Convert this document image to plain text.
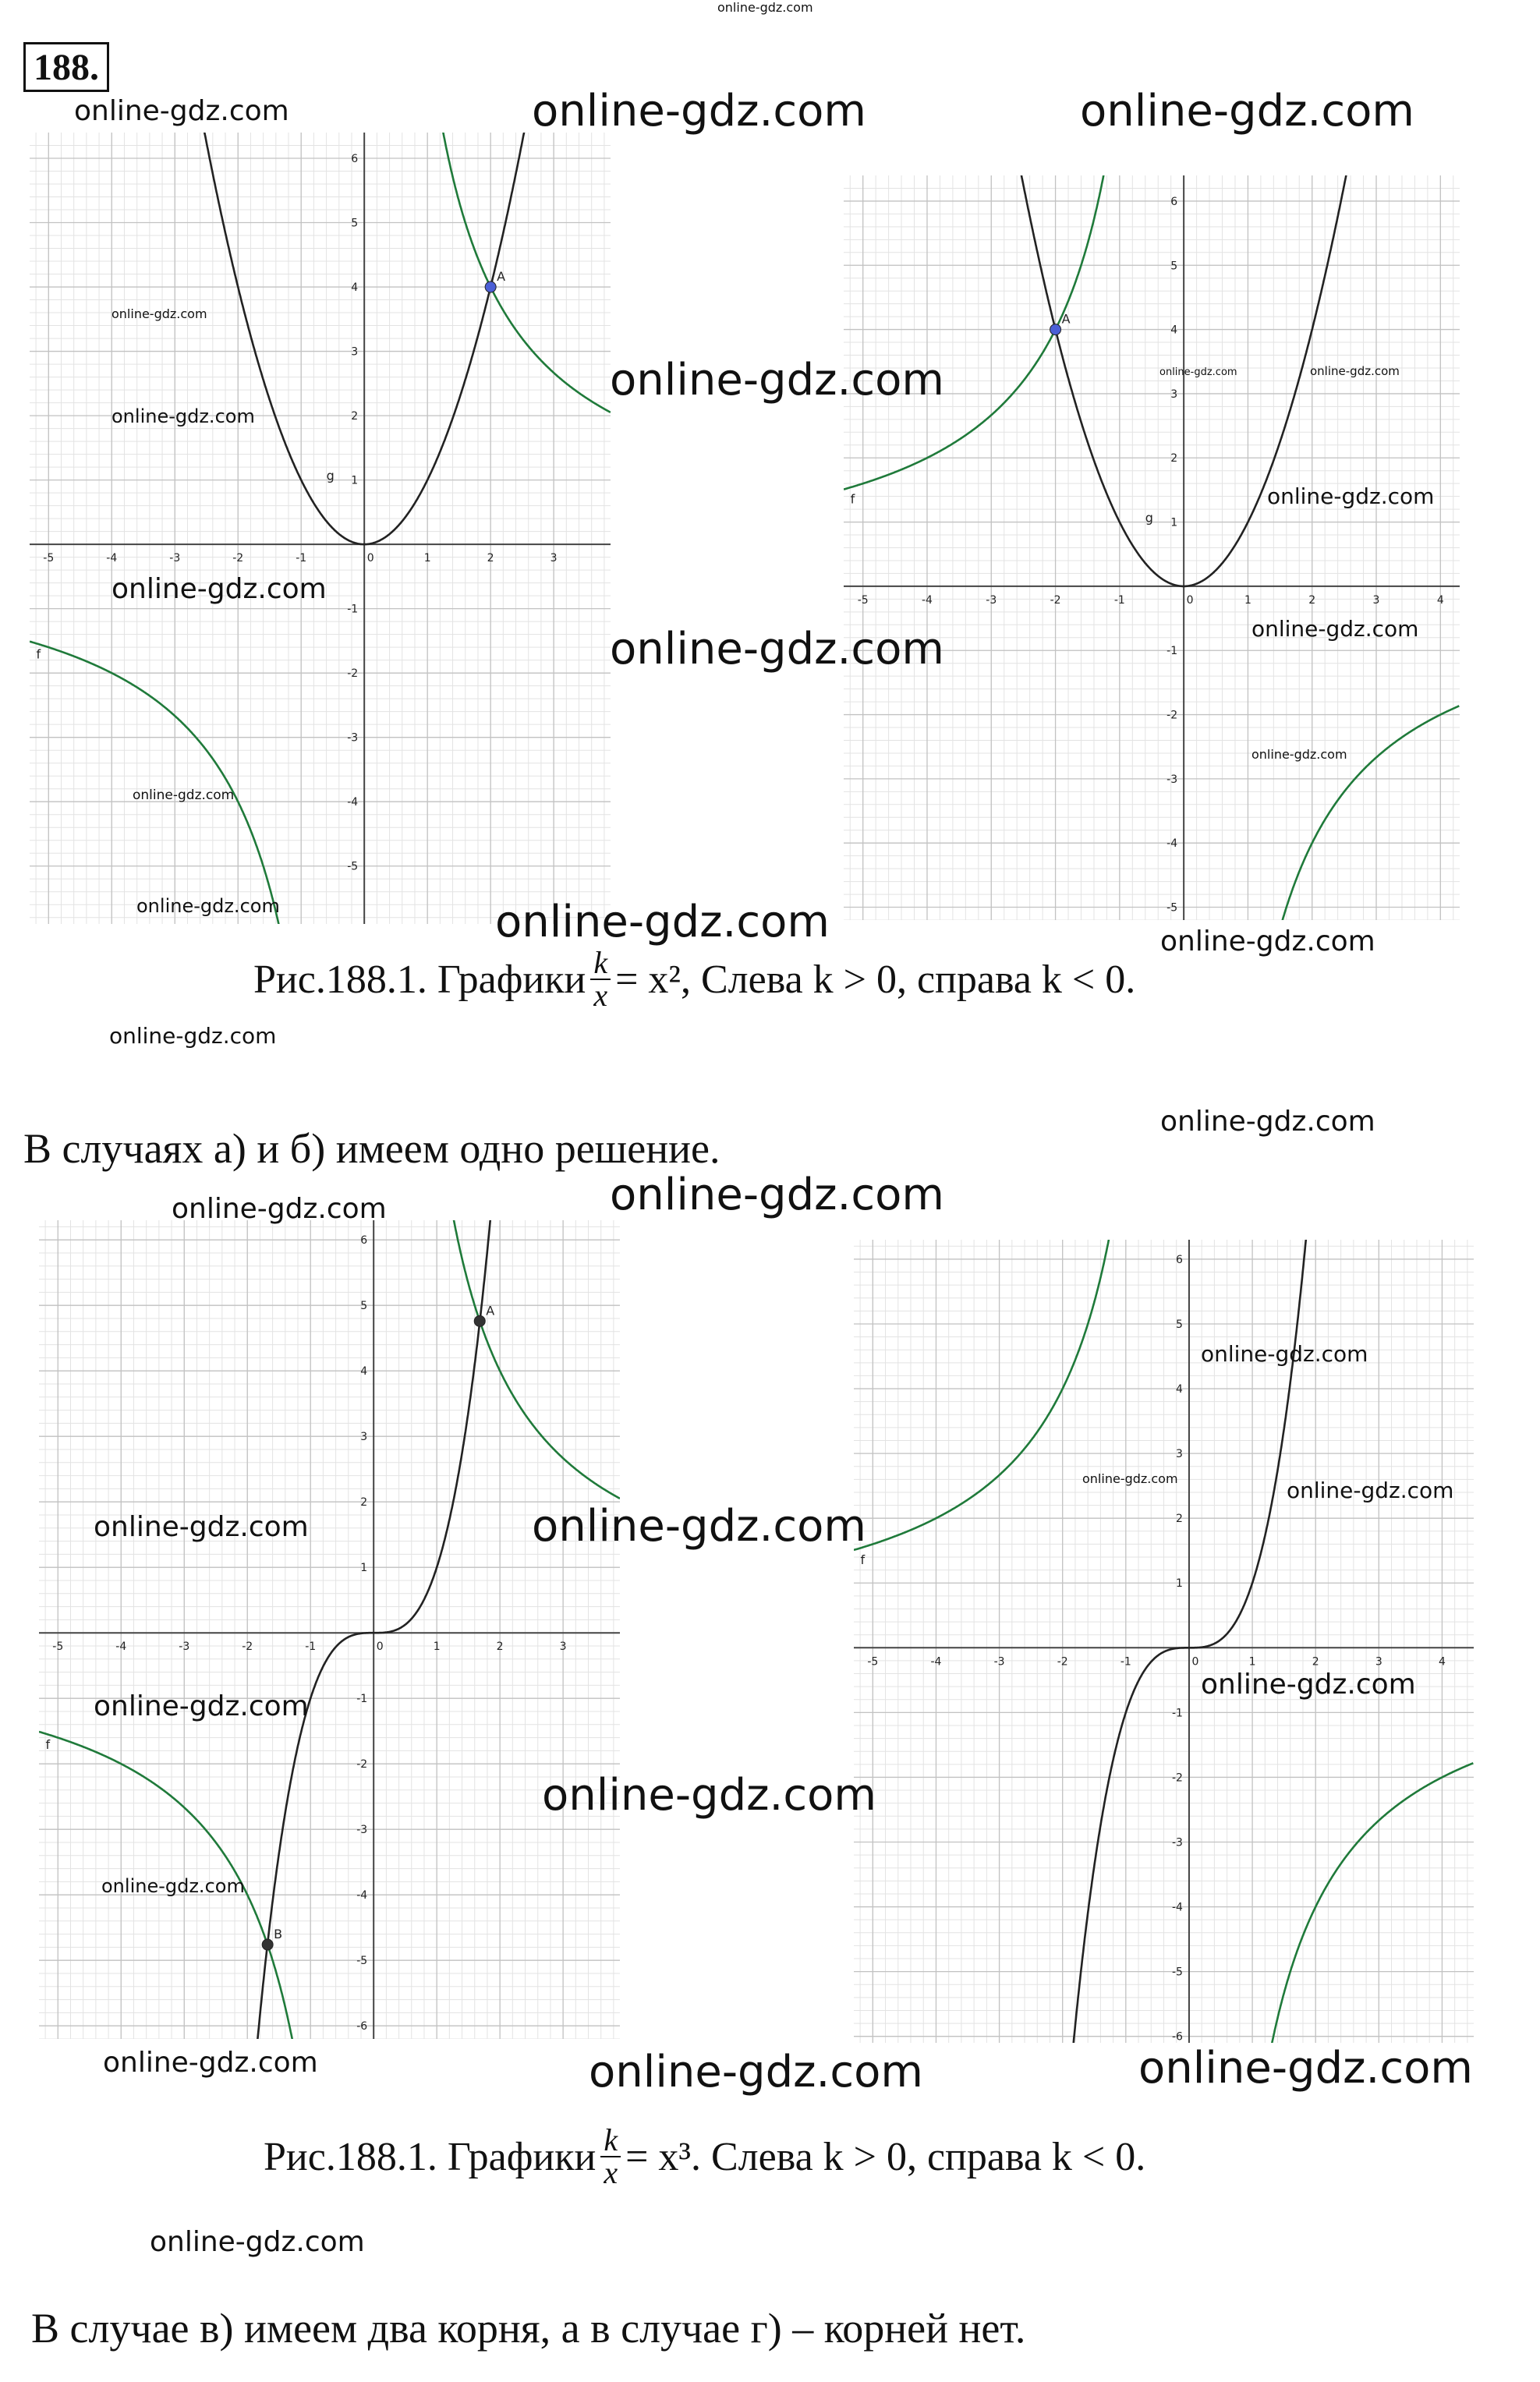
online-gdz.com
188.
-5	-4	-3	-2	-1	0	1	2	3
-5
-4
-3
-2
-1
1
2
3
4
5
6
g
f
A
-5	-4	-3	-2	-1	0	1	2	3	4
-5
-4
-3
-2
-1
1
2
3
4
5
6
g
f
A
-5	-4	-3	-2	-1	0	1	2	3
-6
-5
-4
-3
-2
-1
1
2
3
4
5
6
f
A
B
-5	-4	-3	-2	-1	0	1	2	3	4
-6
-5
-4
-3
-2
-1
1
2
3
4
5
6
f
Рис.188.1. Графики $\frac{k}{x} = x^2$, Слева k > 0, справа k < 0.
В случаях а) и б) имеем одно решение.
Рис.188.1. Графики $\frac{k}{x} = x^3$. Слева k > 0, справа k < 0.
В случае в) имеем два корня, а в случае г) – корней нет.
online-gdz.com	online-gdz.com	online-gdz.com
online-gdz.com
online-gdz.com
online-gdz.com	online-gdz.com	online-gdz.com
online-gdz.com
online-gdz.com
online-gdz.com	online-gdz.com
online-gdz.com
online-gdz.com
online-gdz.com	online-gdz.com	online-gdz.com
online-gdz.com
online-gdz.com
online-gdz.com	online-gdz.com
online-gdz.com
online-gdz.com	online-gdz.com
online-gdz.com	online-gdz.com
online-gdz.com
online-gdz.com
online-gdz.com
online-gdz.com
online-gdz.com	online-gdz.com	online-gdz.com
online-gdz.com
